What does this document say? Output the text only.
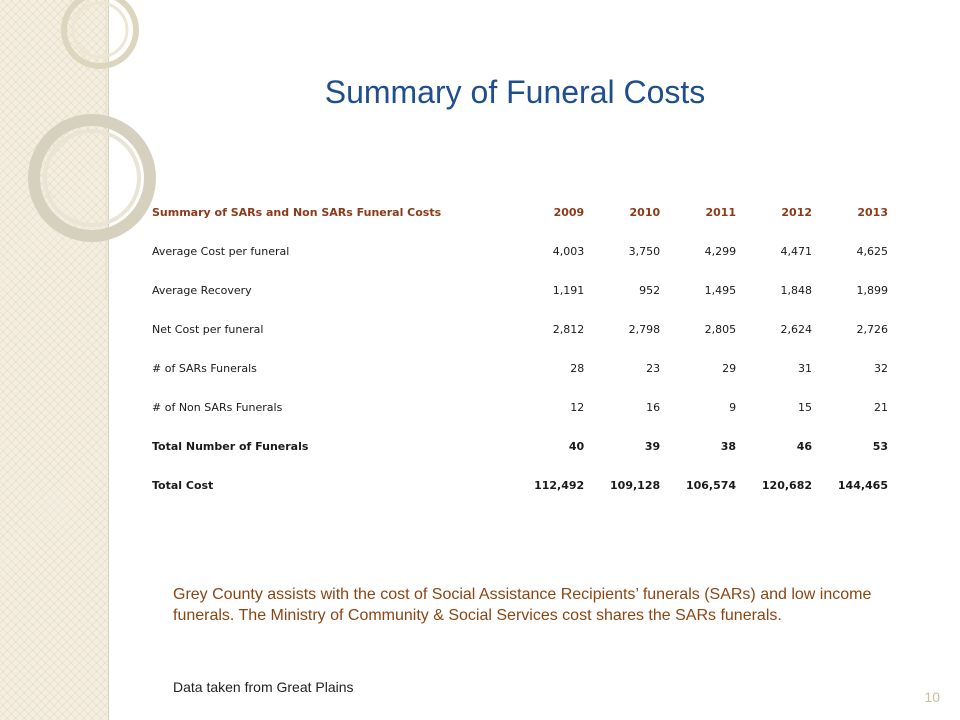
Summary of Funeral Costs
Summary of SARs and Non SARs Funeral Costs	2009	2010	2011	2012	2013
Average Cost per funeral	4,003	3,750	4,299	4,471	4,625
Average Recovery	1,191	952	1,495	1,848	1,899
Net Cost per funeral	2,812	2,798	2,805	2,624	2,726
# of SARs Funerals	28	23	29	31	32
# of Non SARs Funerals	12	16	9	15	21
Total Number of Funerals	40	39	38	46	53
Total Cost	112,492	109,128	106,574	120,682	144,465

Grey County assists with the cost of Social Assistance Recipients’ funerals (SARs) and low income funerals. The Ministry of Community & Social Services cost shares the SARs funerals.

Data taken from Great Plains
10
